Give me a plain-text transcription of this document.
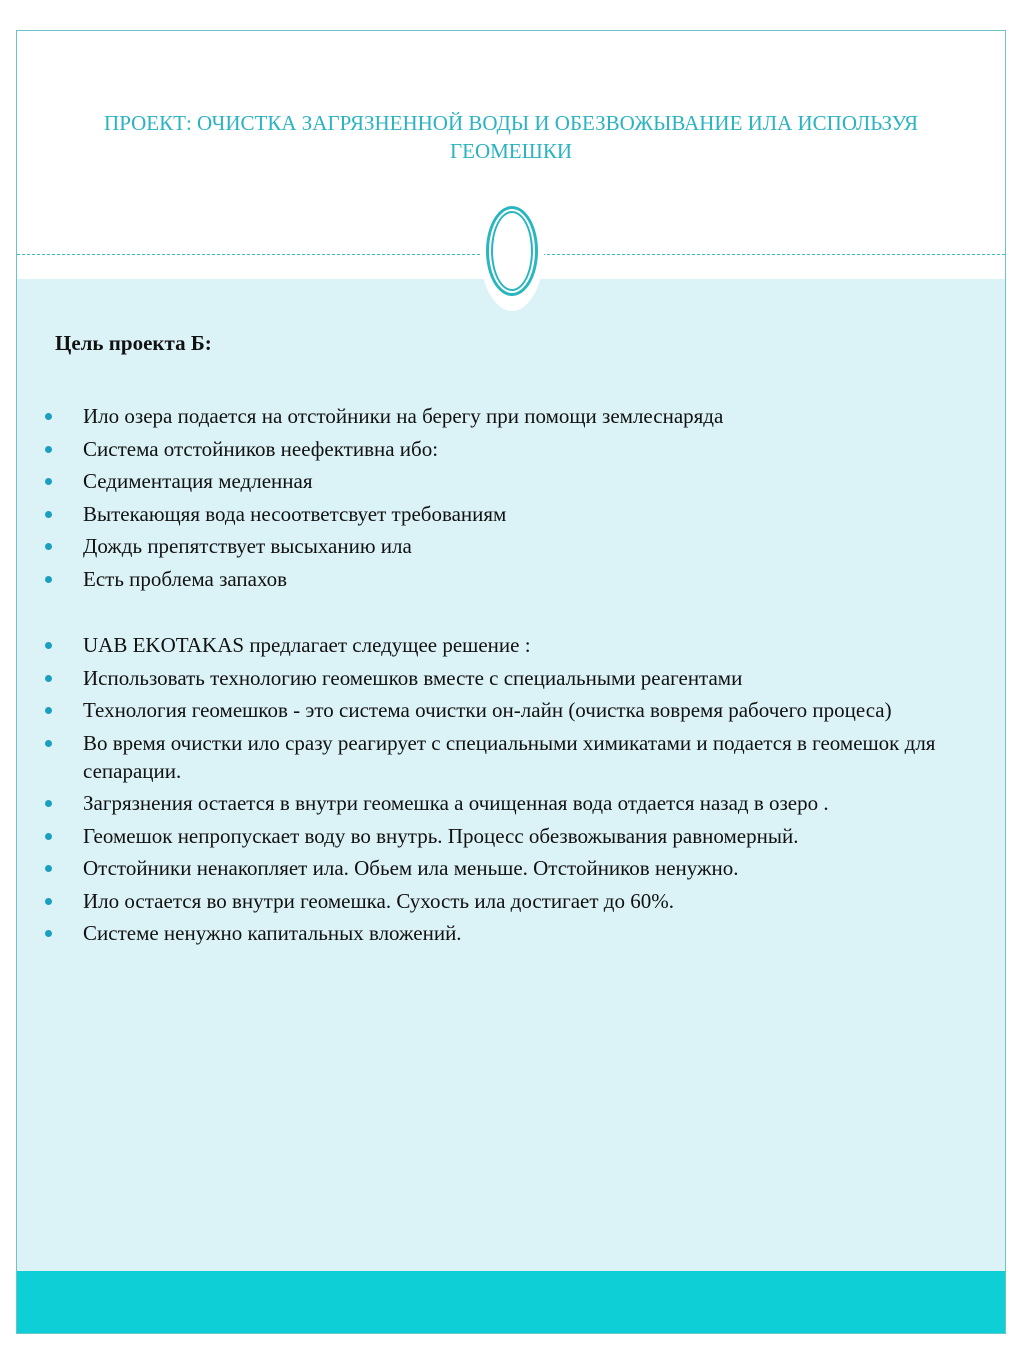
ПРОЕКТ: ОЧИСТКА ЗАГРЯЗНЕННОЙ ВОДЫ И ОБЕЗВОЖЫВАНИЕ ИЛА ИСПОЛЬЗУЯ ГЕОМЕШКИ
Цель проекта Б:
Ило озера подается на отстойники на берегу при помощи землеснаряда
Система отстойников неефективна ибо:
Седиментация медленная
Вытекающяя вода несоответсвует требованиям
Дождь препятствует высыханию ила
Есть проблема запахов
UAB EKOTAKAS предлагает следущее решение :
Использовать технологию геомешков вместе с специальными реагентами
Технология геомешков - это система очистки он-лайн (очистка вовремя рабочего процеса)
Во время очистки ило сразу реагирует с специальными химикатами и подается в геомешок для сепарации.
Загрязнения остается в внутри геомешка а очищенная вода отдается назад в озеро .
Геомешок непропускает воду во внутрь. Процесс обезвожывания равномерный.
Отстойники ненакопляет ила. Обьем ила меньше. Отстойников ненужно.
Ило остается во внутри геомешка. Сухость ила достигает до 60%.
Системе ненужно капитальных вложений.
